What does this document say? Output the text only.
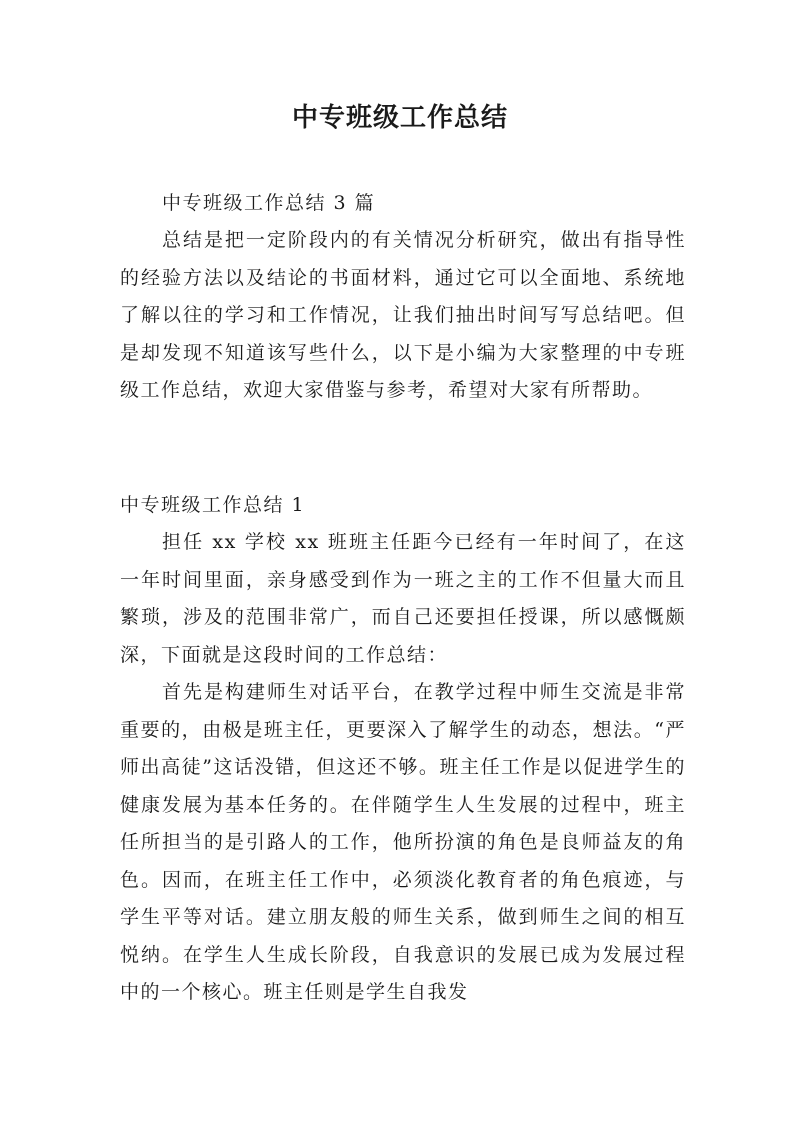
中专班级工作总结
中专班级工作总结 3 篇

总结是把一定阶段内的有关情况分析研究，做出有指导性的经验方法以及结论的书面材料，通过它可以全面地、系统地了解以往的学习和工作情况，让我们抽出时间写写总结吧。但是却发现不知道该写些什么，以下是小编为大家整理的中专班级工作总结，欢迎大家借鉴与参考，希望对大家有所帮助。

中专班级工作总结 1

担任 xx 学校 xx 班班主任距今已经有一年时间了，在这一年时间里面，亲身感受到作为一班之主的工作不但量大而且繁琐，涉及的范围非常广，而自己还要担任授课，所以感慨颇深，下面就是这段时间的工作总结：

首先是构建师生对话平台，在教学过程中师生交流是非常重要的，由极是班主任，更要深入了解学生的动态，想法。“严师出高徒”这话没错，但这还不够。班主任工作是以促进学生的健康发展为基本任务的。在伴随学生人生发展的过程中，班主任所担当的是引路人的工作，他所扮演的角色是良师益友的角色。因而，在班主任工作中，必须淡化教育者的角色痕迹，与学生平等对话。建立朋友般的师生关系，做到师生之间的相互悦纳。在学生人生成长阶段，自我意识的发展已成为发展过程中的一个核心。班主任则是学生自我发
